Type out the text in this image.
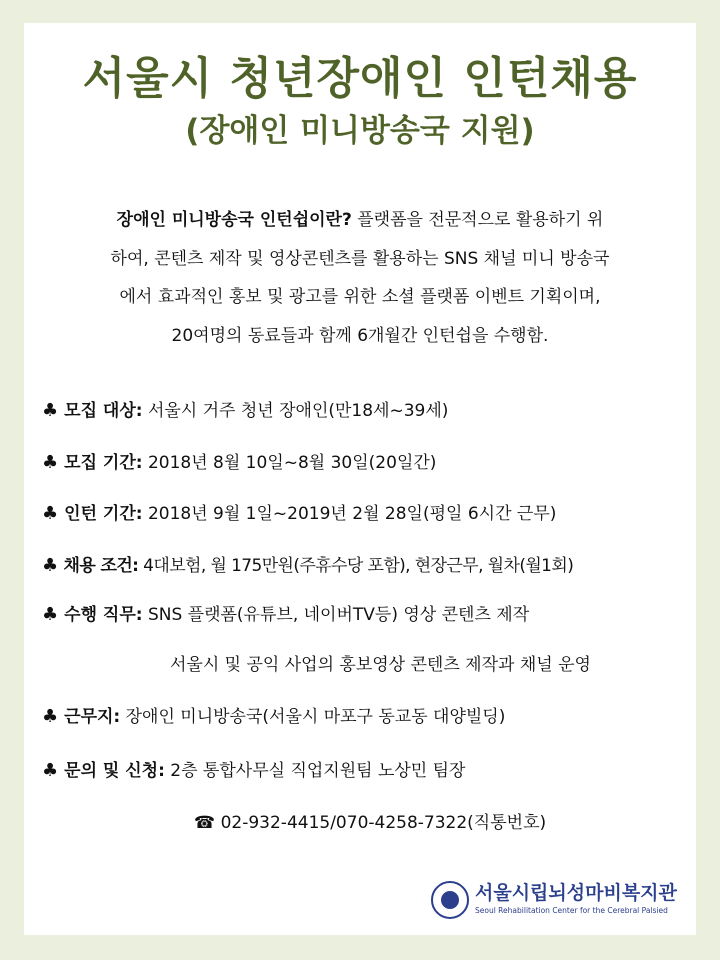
서울시 청년장애인 인턴채용
(장애인 미니방송국 지원)
장애인 미니방송국 인턴쉽이란? 플랫폼을 전문적으로 활용하기 위
하여, 콘텐츠 제작 및 영상콘텐츠를 활용하는 SNS 채널 미니 방송국
에서 효과적인 홍보 및 광고를 위한 소셜 플랫폼 이벤트 기획이며,
20여명의 동료들과 함께 6개월간 인턴쉽을 수행함.
♣ 모집 대상: 서울시 거주 청년 장애인(만18세~39세)
♣ 모집 기간: 2018년 8월 10일~8월 30일(20일간)
♣ 인턴 기간: 2018년 9월 1일~2019년 2월 28일(평일 6시간 근무)
♣ 채용 조건: 4대보험, 월 175만원(주휴수당 포함), 현장근무, 월차(월1회)
♣ 수행 직무: SNS 플랫폼(유튜브, 네이버TV등) 영상 콘텐츠 제작
서울시 및 공익 사업의 홍보영상 콘텐츠 제작과 채널 운영
♣ 근무지: 장애인 미니방송국(서울시 마포구 동교동 대양빌딩)
♣ 문의 및 신청: 2층 통합사무실 직업지원팀 노상민 팀장
☎ 02-932-4415/070-4258-7322(직통번호)
서울시립뇌성마비복지관
Seoul Rehabilitation Center for the Cerebral Palsied
